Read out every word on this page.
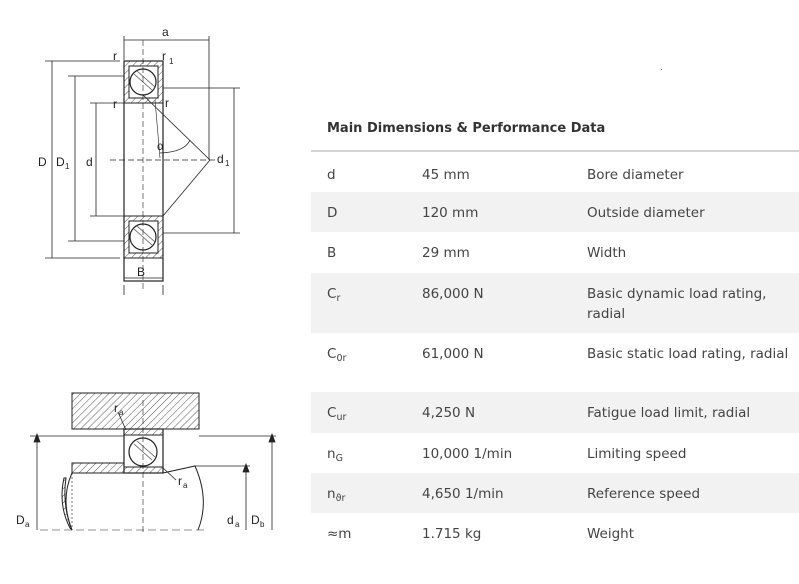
a
r	r 1
r	r
D D 1 d	d 1
α
B
r a
r a
D a	d a D b
Main Dimensions & Performance Data
d	45 mm	Bore diameter
D	120 mm	Outside diameter
B	29 mm	Width
$C_r$	86,000 N	Basic dynamic load rating, radial
$C_{0r}$	61,000 N	Basic static load rating, radial
$C_{ur}$	4,250 N	Fatigue load limit, radial
$n_G$	10,000 1/min	Limiting speed
$n_{ϑr}$	4,650 1/min	Reference speed
≈m	1.715 kg	Weight
